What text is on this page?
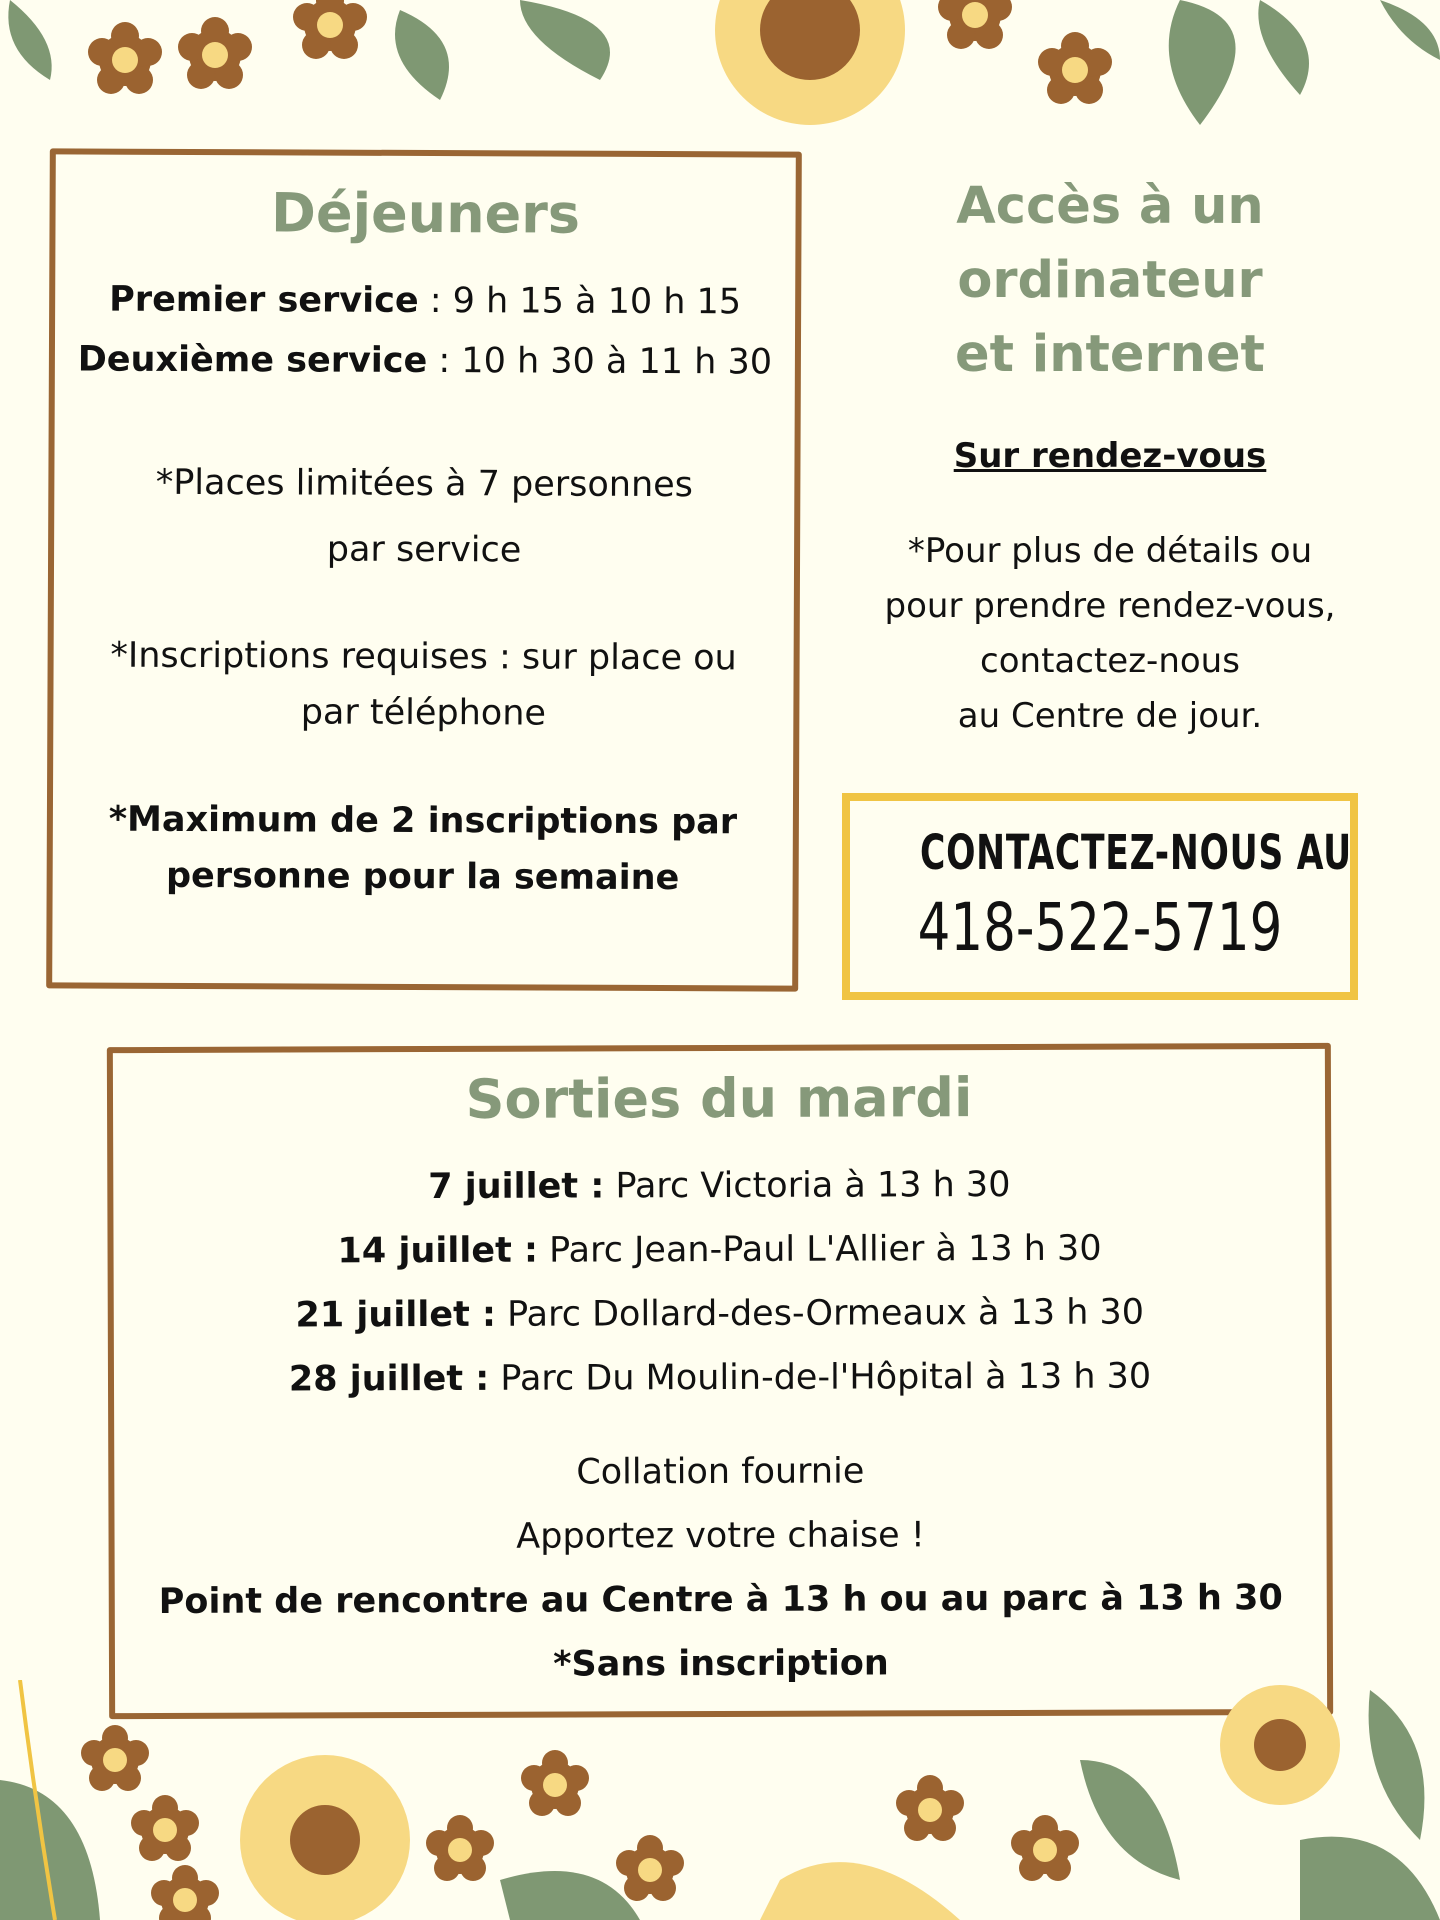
Déjeuners
Premier service : 9 h 15 à 10 h 15
Deuxième service : 10 h 30 à 11 h 30
*Places limitées à 7 personnes
par service
*Inscriptions requises : sur place ou
par téléphone
*Maximum de 2 inscriptions par
personne pour la semaine
Accès à un ordinateur
et internet
Sur rendez-vous
*Pour plus de détails ou
pour prendre rendez-vous,
contactez-nous
au Centre de jour.
CONTACTEZ-NOUS AU
418-522-5719
Sorties du mardi
7 juillet : Parc Victoria à 13 h 30
14 juillet : Parc Jean-Paul L'Allier à 13 h 30
21 juillet : Parc Dollard-des-Ormeaux à 13 h 30
28 juillet : Parc Du Moulin-de-l'Hôpital à 13 h 30
Collation fournie
Apportez votre chaise !
Point de rencontre au Centre à 13 h ou au parc à 13 h 30
*Sans inscription
